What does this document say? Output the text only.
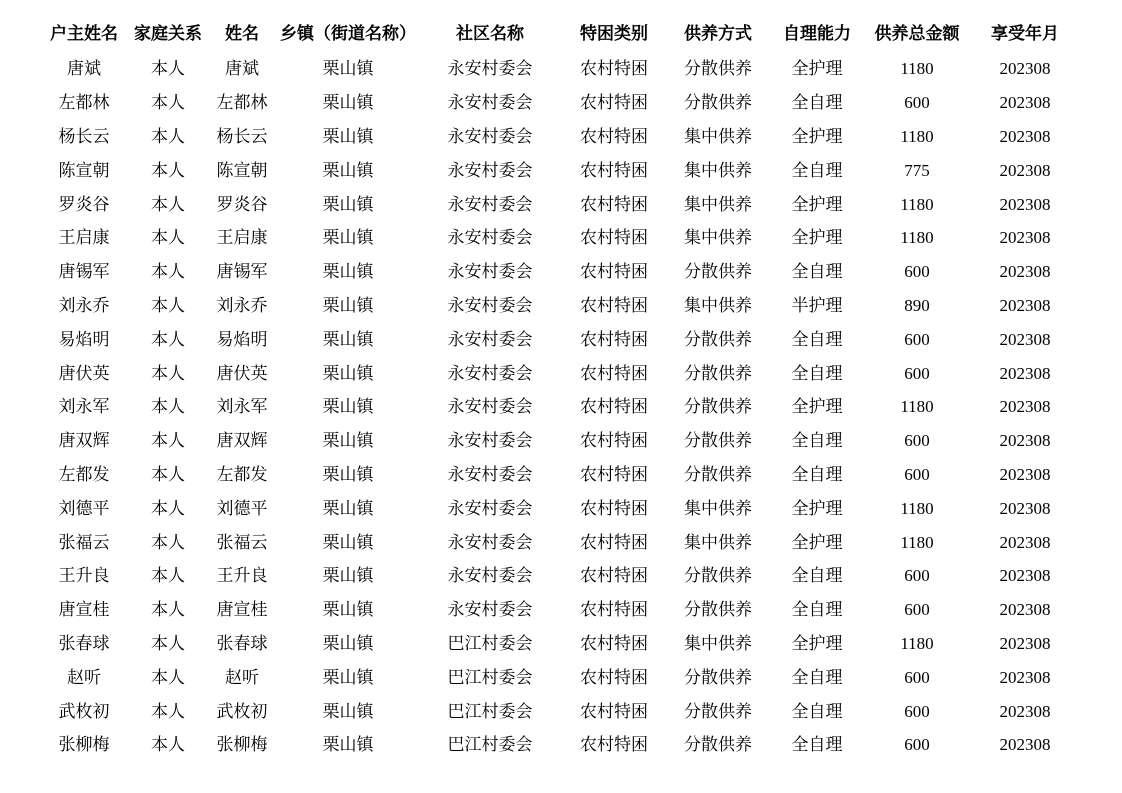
户主姓名	家庭关系	姓名	乡镇（街道名称）	社区名称	特困类别	供养方式	自理能力	供养总金额	享受年月
唐斌	本人	唐斌	栗山镇	永安村委会	农村特困	分散供养	全护理	1180	202308
左都林	本人	左都林	栗山镇	永安村委会	农村特困	分散供养	全自理	600	202308
杨长云	本人	杨长云	栗山镇	永安村委会	农村特困	集中供养	全护理	1180	202308
陈宣朝	本人	陈宣朝	栗山镇	永安村委会	农村特困	集中供养	全自理	775	202308
罗炎谷	本人	罗炎谷	栗山镇	永安村委会	农村特困	集中供养	全护理	1180	202308
王启康	本人	王启康	栗山镇	永安村委会	农村特困	集中供养	全护理	1180	202308
唐锡军	本人	唐锡军	栗山镇	永安村委会	农村特困	分散供养	全自理	600	202308
刘永乔	本人	刘永乔	栗山镇	永安村委会	农村特困	集中供养	半护理	890	202308
易焰明	本人	易焰明	栗山镇	永安村委会	农村特困	分散供养	全自理	600	202308
唐伏英	本人	唐伏英	栗山镇	永安村委会	农村特困	分散供养	全自理	600	202308
刘永军	本人	刘永军	栗山镇	永安村委会	农村特困	分散供养	全护理	1180	202308
唐双辉	本人	唐双辉	栗山镇	永安村委会	农村特困	分散供养	全自理	600	202308
左都发	本人	左都发	栗山镇	永安村委会	农村特困	分散供养	全自理	600	202308
刘德平	本人	刘德平	栗山镇	永安村委会	农村特困	集中供养	全护理	1180	202308
张福云	本人	张福云	栗山镇	永安村委会	农村特困	集中供养	全护理	1180	202308
王升良	本人	王升良	栗山镇	永安村委会	农村特困	分散供养	全自理	600	202308
唐宣桂	本人	唐宣桂	栗山镇	永安村委会	农村特困	分散供养	全自理	600	202308
张春球	本人	张春球	栗山镇	巴江村委会	农村特困	集中供养	全护理	1180	202308
赵听	本人	赵听	栗山镇	巴江村委会	农村特困	分散供养	全自理	600	202308
武枚初	本人	武枚初	栗山镇	巴江村委会	农村特困	分散供养	全自理	600	202308
张柳梅	本人	张柳梅	栗山镇	巴江村委会	农村特困	分散供养	全自理	600	202308
